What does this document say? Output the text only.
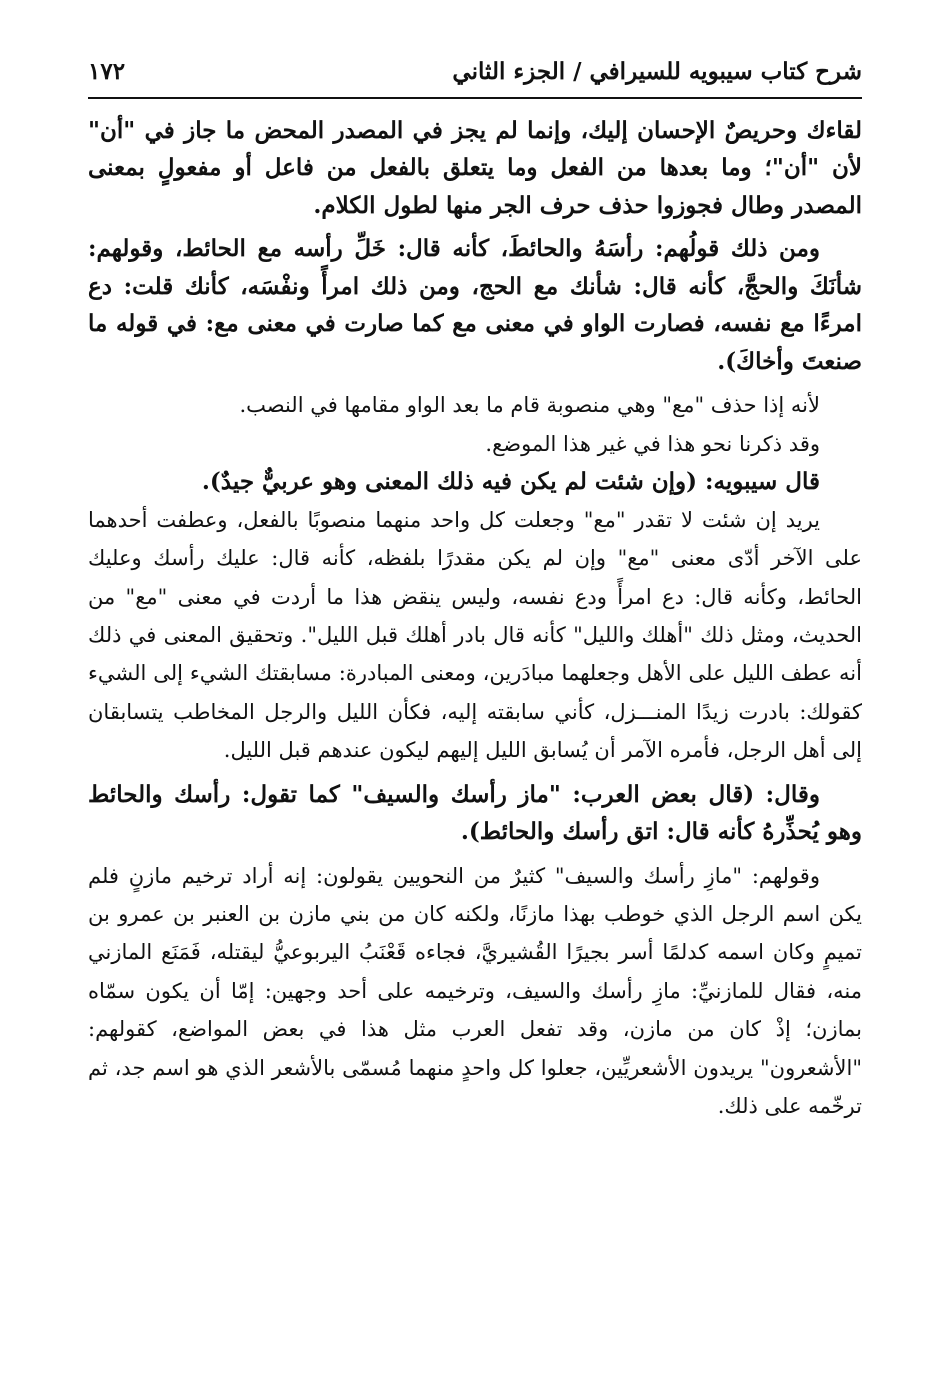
شرح كتاب سيبويه للسيرافي / الجزء الثاني
١٧٢

لقاءك وحريصٌ الإحسان إليك، وإنما لم يجز في المصدر المحض ما جاز في "أن" لأن "أن"؛ وما بعدها من الفعل وما يتعلق بالفعل من فاعل أو مفعولٍ بمعنى المصدر وطال فجوزوا حذف حرف الجر منها لطول الكلام.

ومن ذلك قولُهم: رأسَهُ والحائطَ، كأنه قال: خَلِّ رأسه مع الحائط، وقولهم: شأنَكَ والحجَّ، كأنه قال: شأنك مع الحج، ومن ذلك امرأً ونفْسَه، كأنك قلت: دع امرءًا مع نفسه، فصارت الواو في معنى مع كما صارت في معنى مع: في قوله ما صنعتَ وأخاكَ).

لأنه إذا حذف "مع" وهي منصوبة قام ما بعد الواو مقامها في النصب.

وقد ذكرنا نحو هذا في غير هذا الموضع.

قال سيبويه: (وإن شئت لم يكن فيه ذلك المعنى وهو عربيٌّ جيدٌ).

يريد إن شئت لا تقدر "مع" وجعلت كل واحد منهما منصوبًا بالفعل، وعطفت أحدهما على الآخر أدّى معنى "مع" وإن لم يكن مقدرًا بلفظه، كأنه قال: عليك رأسك وعليك الحائط، وكأنه قال: دع امرأً ودع نفسه، وليس ينقض هذا ما أردت في معنى "مع" من الحديث، ومثل ذلك "أهلك والليل" كأنه قال بادر أهلك قبل الليل". وتحقيق المعنى في ذلك أنه عطف الليل على الأهل وجعلهما مبادَرين، ومعنى المبادرة: مسابقتك الشيء إلى الشيء كقولك: بادرت زيدًا المنـــزل، كأني سابقته إليه، فكأن الليل والرجل المخاطب يتسابقان إلى أهل الرجل، فأمره الآمر أن يُسابق الليل إليهم ليكون عندهم قبل الليل.

وقال: (قال بعض العرب: "ماز رأسك والسيف" كما تقول: رأسك والحائط وهو يُحذِّرهُ كأنه قال: اتق رأسك والحائط).

وقولهم: "مازِ رأسك والسيف" كثيرٌ من النحويين يقولون: إنه أراد ترخيم مازنٍ فلم يكن اسم الرجل الذي خوطب بهذا مازنًا، ولكنه كان من بني مازن بن العنبر بن عمرو بن تميمٍ وكان اسمه كدلمًا أسر بجيرًا القُشيريَّ، فجاءه قَعْنَبُ اليربوعيُّ ليقتله، فَمَنَع المازني منه، فقال للمازنيِّ: مازِ رأسك والسيف، وترخيمه على أحد وجهين: إمّا أن يكون سمّاه بمازن؛ إذْ كان من مازن، وقد تفعل العرب مثل هذا في بعض المواضع، كقولهم: "الأشعرون" يريدون الأشعريِّين، جعلوا كل واحدٍ منهما مُسمّى بالأشعر الذي هو اسم جد، ثم ترخّمه على ذلك.
